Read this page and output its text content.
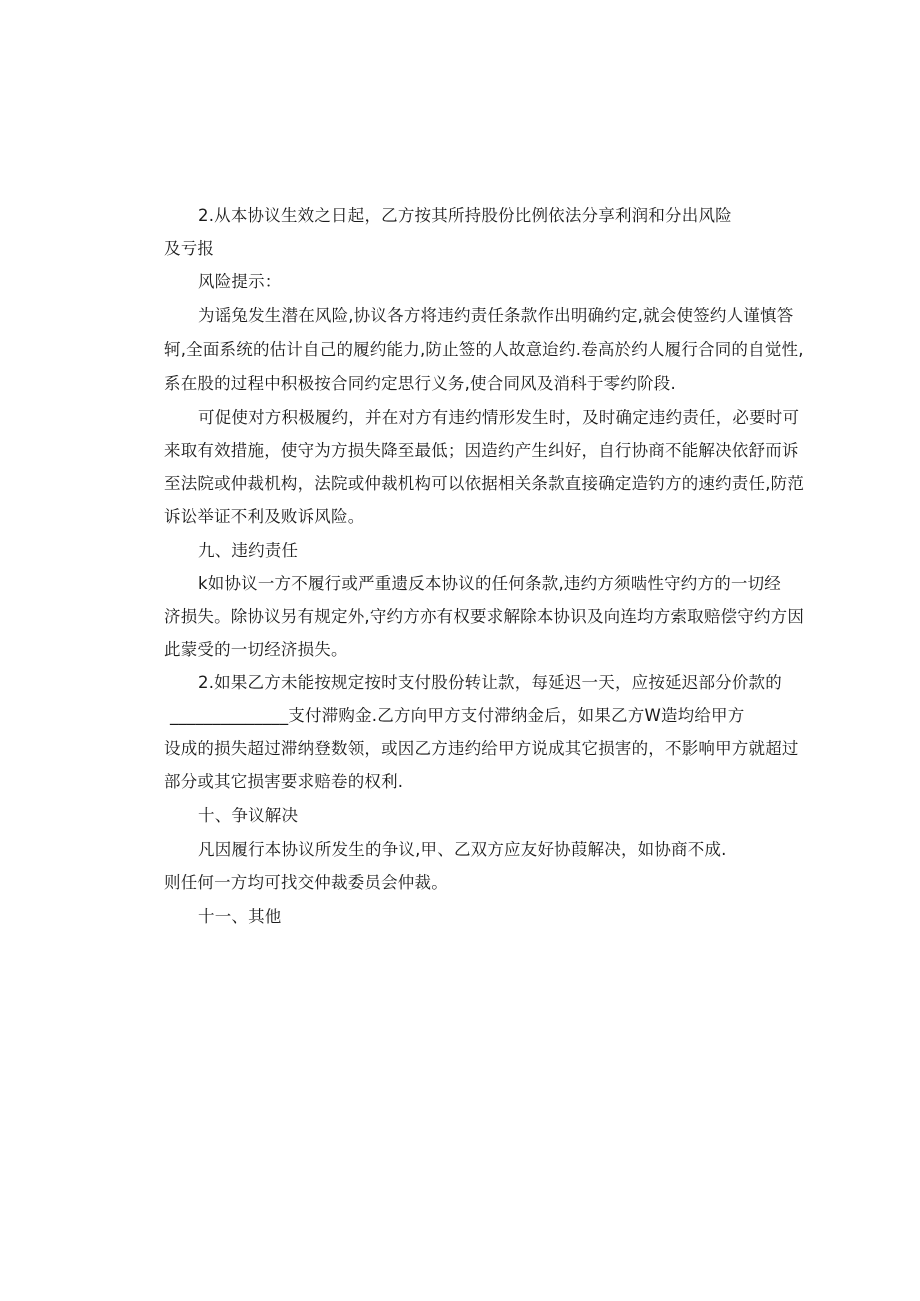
2.从本协议生效之日起，乙方按其所持股份比例依法分享利润和分出风险
及亏报
风险提示：
为谣兔发生潜在风险,协议各方将违约责任条款作出明确约定,就会使签约人谨慎答
轲,全面系统的估计自己的履约能力,防止签的人故意迨约.卷高於约人履行合同的自觉性,
系在股的过程中积极按合同约定思行义务,使合同风及消科于零约阶段.
可促使对方积极履约，并在对方有违约情形发生时，及时确定违约责任，必要时可
来取有效措施，使守为方损失降至最低；因造约产生纠好，自行协商不能解决依舒而诉
至法院或仲裁机构，法院或仲裁机构可以依据相关条款直接确定造钓方的速约责任,防范
诉讼举证不利及败诉风险。
九、违约责任
k如协议一方不履行或严重遗反本协议的任何条款,违约方须啮性守约方的一切经
济损失。除协议另有规定外,守约方亦有权要求解除本协识及向连均方索取赔偿守约方因
此蒙受的一切经济损失。
2.如果乙方未能按规定按时支付股份转让款，每延迟一天，应按延迟部分价款的
______________支付滞购金.乙方向甲方支付滞纳金后，如果乙方W造均给甲方
设成的损失超过滞纳登数领，或因乙方违约给甲方说成其它损害的，不影响甲方就超过
部分或其它损害要求赔卷的权利.
十、争议解决
凡因履行本协议所发生的争议,甲、乙双方应友好协葭解决，如协商不成.
则任何一方均可找交仲裁委员会仲裁。
十一、其他
